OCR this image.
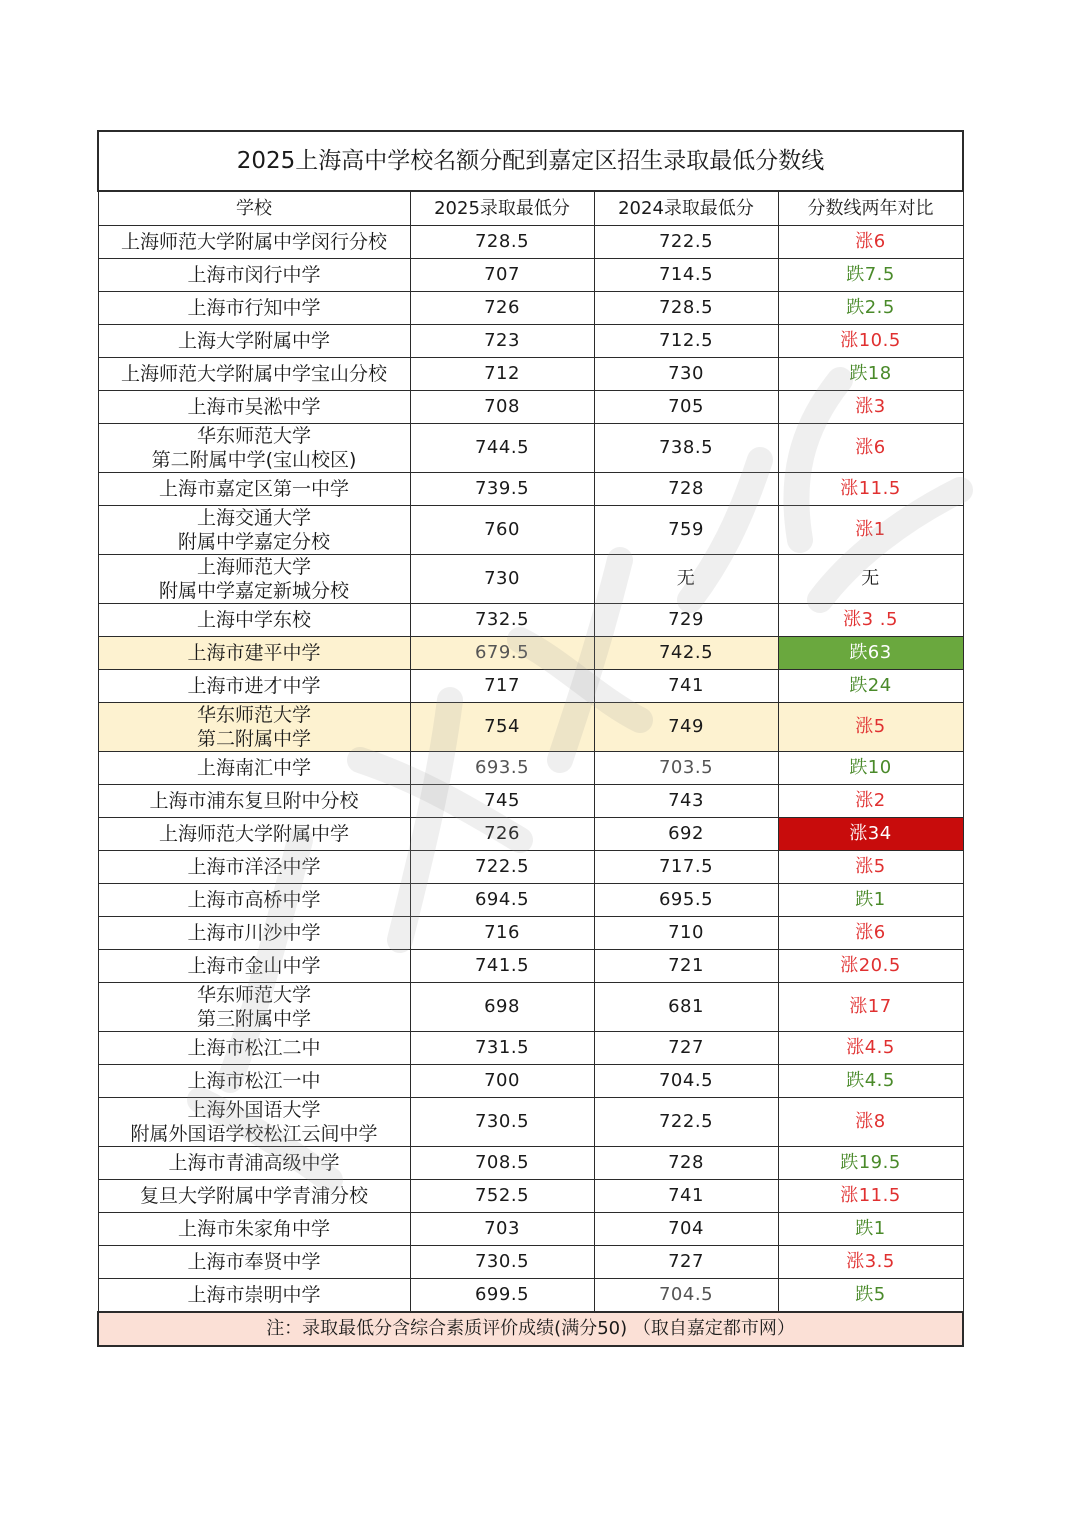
2025上海高中学校名额分配到嘉定区招生录取最低分数线			
学校	2025录取最低分	2024录取最低分	分数线两年对比

上海师范大学附属中学闵行分校	728.5	722.5	涨6

上海市闵行中学	707	714.5	跌7.5

上海市行知中学	726	728.5	跌2.5

上海大学附属中学	723	712.5	涨10.5

上海师范大学附属中学宝山分校	712	730	跌18

上海市吴淞中学	708	705	涨3

华东师范大学
第二附属中学(宝山校区)	744.5	738.5	涨6

上海市嘉定区第一中学	739.5	728	涨11.5

上海交通大学
附属中学嘉定分校	760	759	涨1

上海师范大学
附属中学嘉定新城分校	730	无	无

上海中学东校	732.5	729	涨3 .5

上海市建平中学	679.5	742.5	跌63

上海市进才中学	717	741	跌24

华东师范大学
第二附属中学	754	749	涨5

上海南汇中学	693.5	703.5	跌10

上海市浦东复旦附中分校	745	743	涨2

上海师范大学附属中学	726	692	涨34

上海市洋泾中学	722.5	717.5	涨5

上海市高桥中学	694.5	695.5	跌1

上海市川沙中学	716	710	涨6

上海市金山中学	741.5	721	涨20.5

华东师范大学
第三附属中学	698	681	涨17

上海市松江二中	731.5	727	涨4.5

上海市松江一中	700	704.5	跌4.5

上海外国语大学
附属外国语学校松江云间中学	730.5	722.5	涨8

上海市青浦高级中学	708.5	728	跌19.5

复旦大学附属中学青浦分校	752.5	741	涨11.5

上海市朱家角中学	703	704	跌1

上海市奉贤中学	730.5	727	涨3.5

上海市崇明中学	699.5	704.5	跌5
注：录取最低分含综合素质评价成绩(满分50) （取自嘉定都市网）			
